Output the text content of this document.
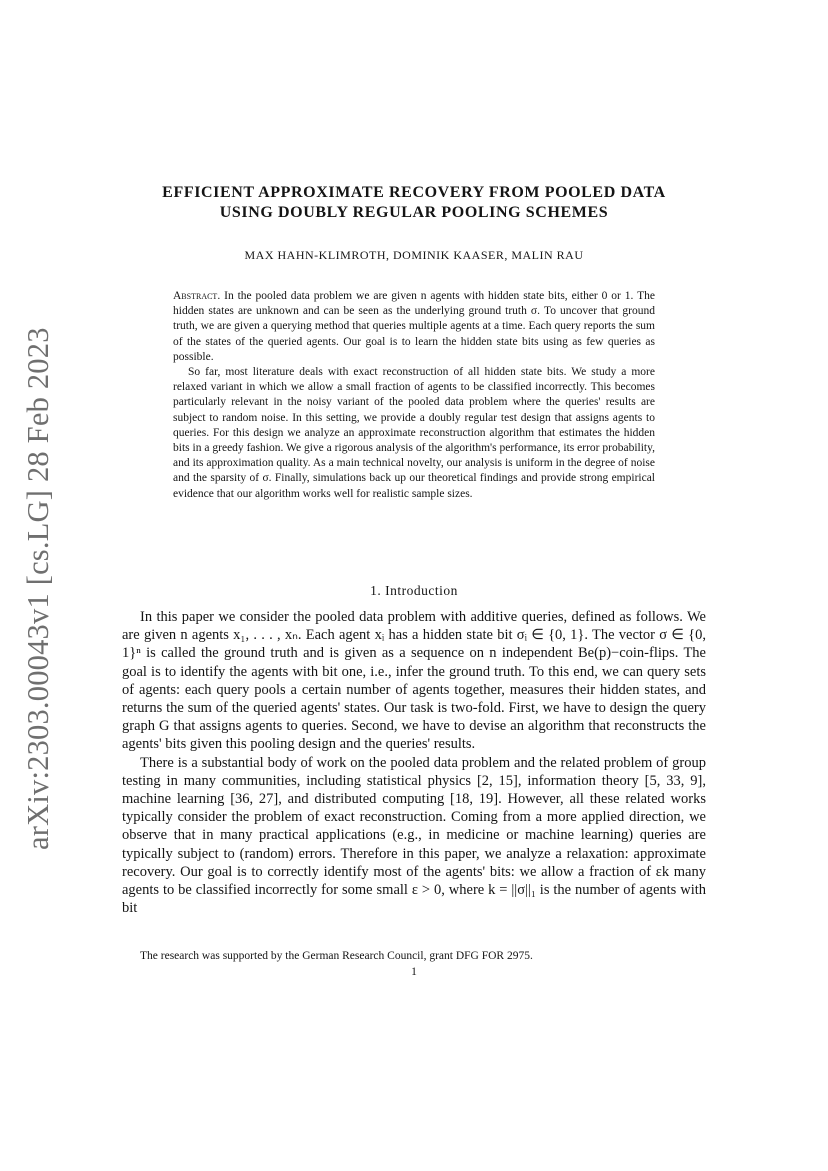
arXiv:2303.00043v1 [cs.LG] 28 Feb 2023
EFFICIENT APPROXIMATE RECOVERY FROM POOLED DATA
USING DOUBLY REGULAR POOLING SCHEMES
MAX HAHN-KLIMROTH, DOMINIK KAASER, MALIN RAU

Abstract. In the pooled data problem we are given n agents with hidden state bits, either 0 or 1. The hidden states are unknown and can be seen as the underlying ground truth σ. To uncover that ground truth, we are given a querying method that queries multiple agents at a time. Each query reports the sum of the states of the queried agents. Our goal is to learn the hidden state bits using as few queries as possible.

So far, most literature deals with exact reconstruction of all hidden state bits. We study a more relaxed variant in which we allow a small fraction of agents to be classified incorrectly. This becomes particularly relevant in the noisy variant of the pooled data problem where the queries' results are subject to random noise. In this setting, we provide a doubly regular test design that assigns agents to queries. For this design we analyze an approximate reconstruction algorithm that estimates the hidden bits in a greedy fashion. We give a rigorous analysis of the algorithm's performance, its error probability, and its approximation quality. As a main technical novelty, our analysis is uniform in the degree of noise and the sparsity of σ. Finally, simulations back up our theoretical findings and provide strong empirical evidence that our algorithm works well for realistic sample sizes.

1. Introduction

In this paper we consider the pooled data problem with additive queries, defined as follows. We are given n agents x₁, . . . , xₙ. Each agent xᵢ has a hidden state bit σᵢ ∈ {0, 1}. The vector σ ∈ {0, 1}ⁿ is called the ground truth and is given as a sequence on n independent Be(p)−coin-flips. The goal is to identify the agents with bit one, i.e., infer the ground truth. To this end, we can query sets of agents: each query pools a certain number of agents together, measures their hidden states, and returns the sum of the queried agents' states. Our task is two-fold. First, we have to design the query graph G that assigns agents to queries. Second, we have to devise an algorithm that reconstructs the agents' bits given this pooling design and the queries' results.

There is a substantial body of work on the pooled data problem and the related problem of group testing in many communities, including statistical physics [2, 15], information theory [5, 33, 9], machine learning [36, 27], and distributed computing [18, 19]. However, all these related works typically consider the problem of exact reconstruction. Coming from a more applied direction, we observe that in many practical applications (e.g., in medicine or machine learning) queries are typically subject to (random) errors. Therefore in this paper, we analyze a relaxation: approximate recovery. Our goal is to correctly identify most of the agents' bits: we allow a fraction of εk many agents to be classified incorrectly for some small ε > 0, where k = ||σ||₁ is the number of agents with bit

The research was supported by the German Research Council, grant DFG FOR 2975.
1
